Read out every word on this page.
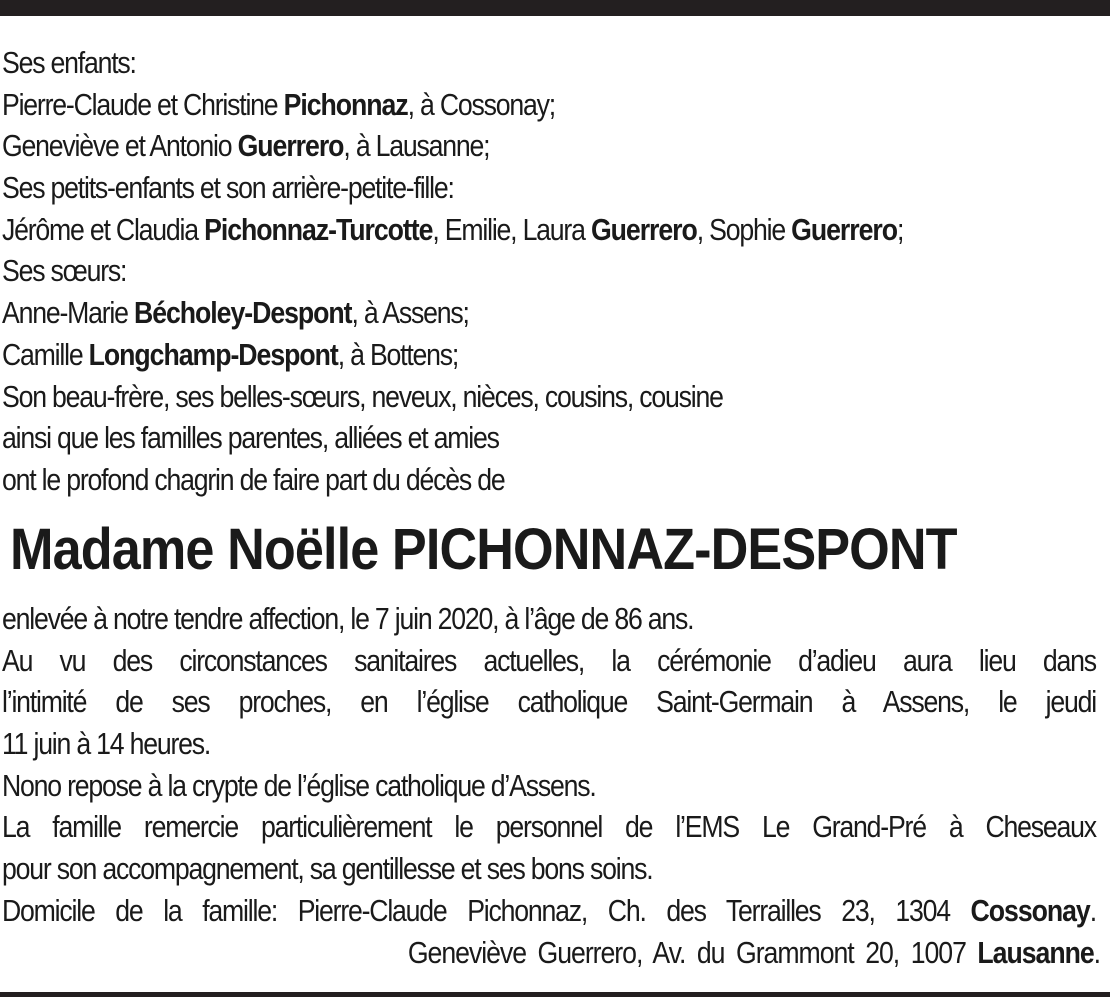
Ses enfants:
Pierre-Claude et Christine Pichonnaz, à Cossonay;
Geneviève et Antonio Guerrero, à Lausanne;
Ses petits-enfants et son arrière-petite-fille:
Jérôme et Claudia Pichonnaz-Turcotte, Emilie, Laura Guerrero, Sophie Guerrero;
Ses sœurs:
Anne-Marie Bécholey-Despont, à Assens;
Camille Longchamp-Despont, à Bottens;
Son beau-frère, ses belles-sœurs, neveux, nièces, cousins, cousine
ainsi que les familles parentes, alliées et amies
ont le profond chagrin de faire part du décès de
Madame Noëlle PICHONNAZ-DESPONT
enlevée à notre tendre affection, le 7 juin 2020, à l’âge de 86 ans.
Au vu des circonstances sanitaires actuelles, la cérémonie d’adieu aura lieu dans
l’intimité de ses proches, en l’église catholique Saint-Germain à Assens, le jeudi
11 juin à 14 heures.
Nono repose à la crypte de l’église catholique d’Assens.
La famille remercie particulièrement le personnel de l’EMS Le Grand-Pré à Cheseaux
pour son accompagnement, sa gentillesse et ses bons soins.
Domicile de la famille: Pierre-Claude Pichonnaz, Ch. des Terrailles 23, 1304 Cossonay.
Geneviève Guerrero, Av. du Grammont 20, 1007 Lausanne.
